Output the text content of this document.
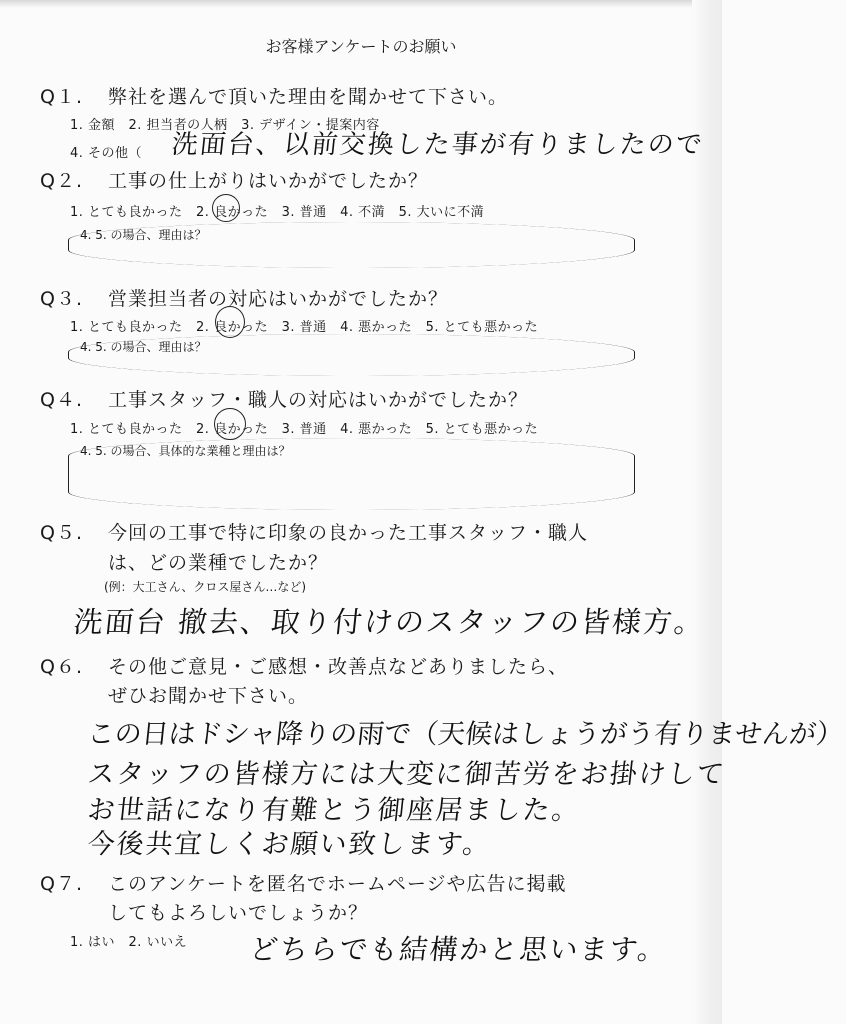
お客様アンケートのお願い
Q１. 弊社を選んで頂いた理由を聞かせて下さい。
1. 金額　2. 担当者の人柄　3. デザイン・提案内容
4. その他（ 洗面台、以前交換した事が有りましたので
Q２. 工事の仕上がりはいかがでしたか？
1. とても良かった　2. 良かった　3. 普通　4. 不満　5. 大いに不満
4. 5. の場合、理由は？
Q３. 営業担当者の対応はいかがでしたか？
1. とても良かった　2. 良かった　3. 普通　4. 悪かった　5. とても悪かった
4. 5. の場合、理由は？
Q４. 工事スタッフ・職人の対応はいかがでしたか？
1. とても良かった　2. 良かった　3. 普通　4. 悪かった　5. とても悪かった
4. 5. の場合、具体的な業種と理由は？
Q５. 今回の工事で特に印象の良かった工事スタッフ・職人
は、どの業種でしたか？
(例：大工さん、クロス屋さん…など)
洗面台 撤去、取り付けのスタッフの皆様方。
Q６. その他ご意見・ご感想・改善点などありましたら、
ぜひお聞かせ下さい。
この日はドシャ降りの雨で（天候はしょうがう有りませんが）
スタッフの皆様方には大変に御苦労をお掛けして
お世話になり有難とう御座居ました。
今後共宜しくお願い致します。
Q７. このアンケートを匿名でホームページや広告に掲載
してもよろしいでしょうか？
1. はい　2. いいえ どちらでも結構かと思います。
